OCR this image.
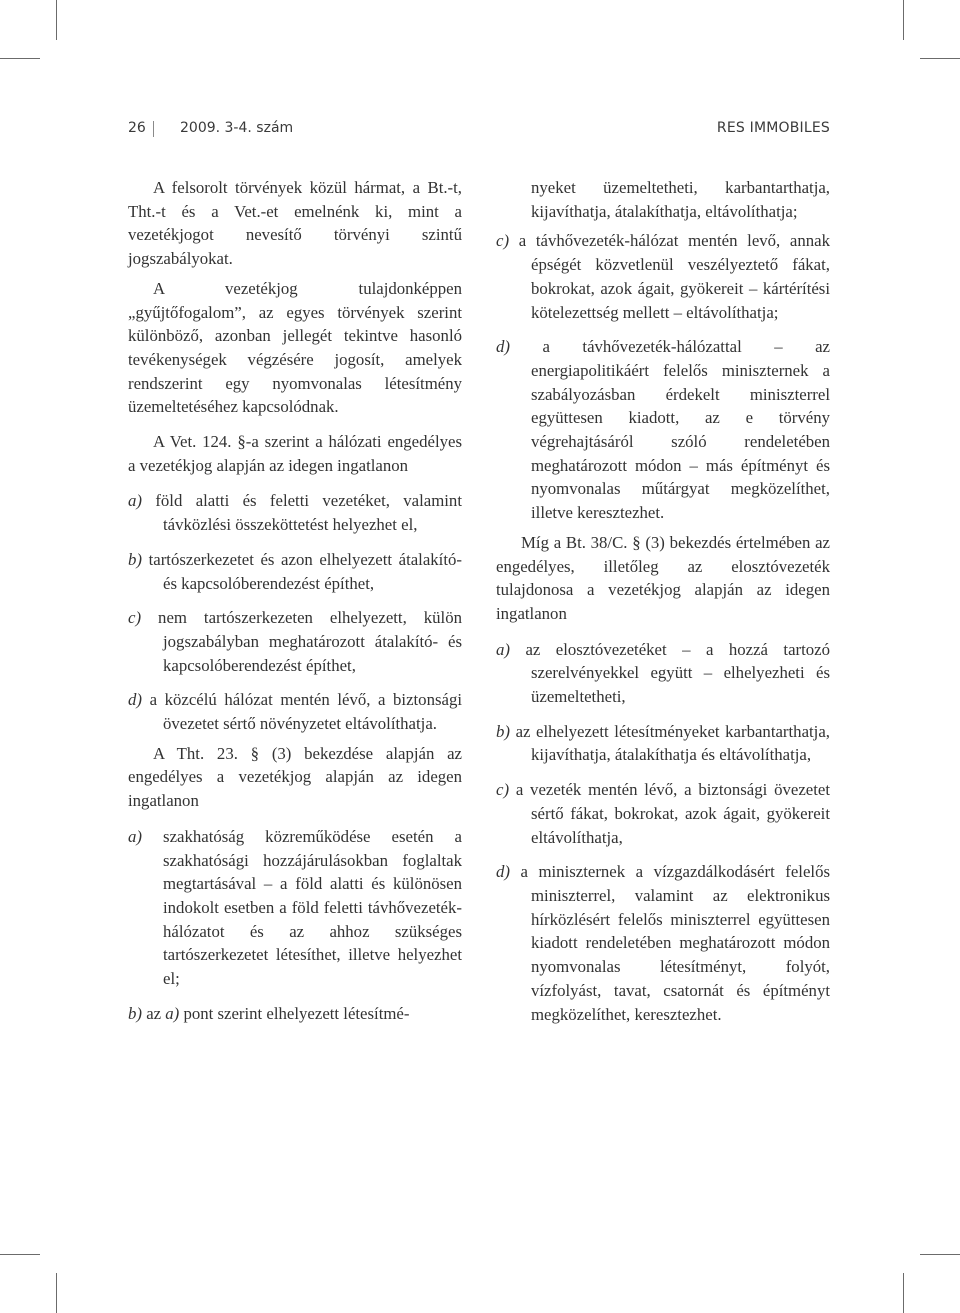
26 2009. 3-4. szám	RES IMMOBILES

A felsorolt törvények közül hármat, a Bt.-t, Tht.-t és a Vet.-et emelnénk ki, mint a vezetékjogot nevesítő törvényi szintű jogszabályokat.

A vezetékjog tulajdonképpen „gyűjtőfogalom”, az egyes törvények szerint különböző, azonban jellegét tekintve hasonló tevékenységek végzésére jogosít, amelyek rendszerint egy nyomvonalas létesítmény üzemeltetéséhez kapcsolódnak.

A Vet. 124. §-a szerint a hálózati engedélyes a vezetékjog alapján az idegen ingatlanon

a) föld alatti és feletti vezetéket, valamint távközlési összeköttetést helyezhet el,

b) tartószerkezetet és azon elhelyezett átalakító- és kapcsolóberendezést építhet,

c) nem tartószerkezeten elhelyezett, külön jogszabályban meghatározott átalakító- és kapcsolóberendezést építhet,

d) a közcélú hálózat mentén lévő, a biztonsági övezetet sértő növényzetet eltávolíthatja.

A Tht. 23. § (3) bekezdése alapján az engedélyes a vezetékjog alapján az idegen ingatlanon

a) szakhatóság közreműködése esetén a szakhatósági hozzájárulásokban foglaltak megtartásával – a föld alatti és különösen indokolt esetben a föld feletti távhővezeték-hálózatot és az ahhoz szükséges tartószerkezetet létesíthet, illetve helyezhet el;

b) az a) pont szerint elhelyezett létesítmé-

nyeket üzemeltetheti, karbantarthatja, kijavíthatja, átalakíthatja, eltávolíthatja;

c) a távhővezeték-hálózat mentén levő, annak épségét közvetlenül veszélyeztető fákat, bokrokat, azok ágait, gyökereit – kártérítési kötelezettség mellett – eltávolíthatja;

d) a távhővezeték-hálózattal – az energiapolitikáért felelős miniszternek a szabályozásban érdekelt miniszterrel együttesen kiadott, az e törvény végrehajtásáról szóló rendeletében meghatározott módon – más építményt és nyomvonalas műtárgyat megközelíthet, illetve keresztezhet.

Míg a Bt. 38/C. § (3) bekezdés értelmében az engedélyes, illetőleg az elosztóvezeték tulajdonosa a vezetékjog alapján az idegen ingatlanon

a) az elosztóvezetéket – a hozzá tartozó szerelvényekkel együtt – elhelyezheti és üzemeltetheti,

b) az elhelyezett létesítményeket karbantarthatja, kijavíthatja, átalakíthatja és eltávolíthatja,

c) a vezeték mentén lévő, a biztonsági övezetet sértő fákat, bokrokat, azok ágait, gyökereit eltávolíthatja,

d) a miniszternek a vízgazdálkodásért felelős miniszterrel, valamint az elektronikus hírközlésért felelős miniszterrel együttesen kiadott rendeletében meghatározott módon nyomvonalas létesítményt, folyót, vízfolyást, tavat, csatornát és építményt megközelíthet, keresztezhet.
